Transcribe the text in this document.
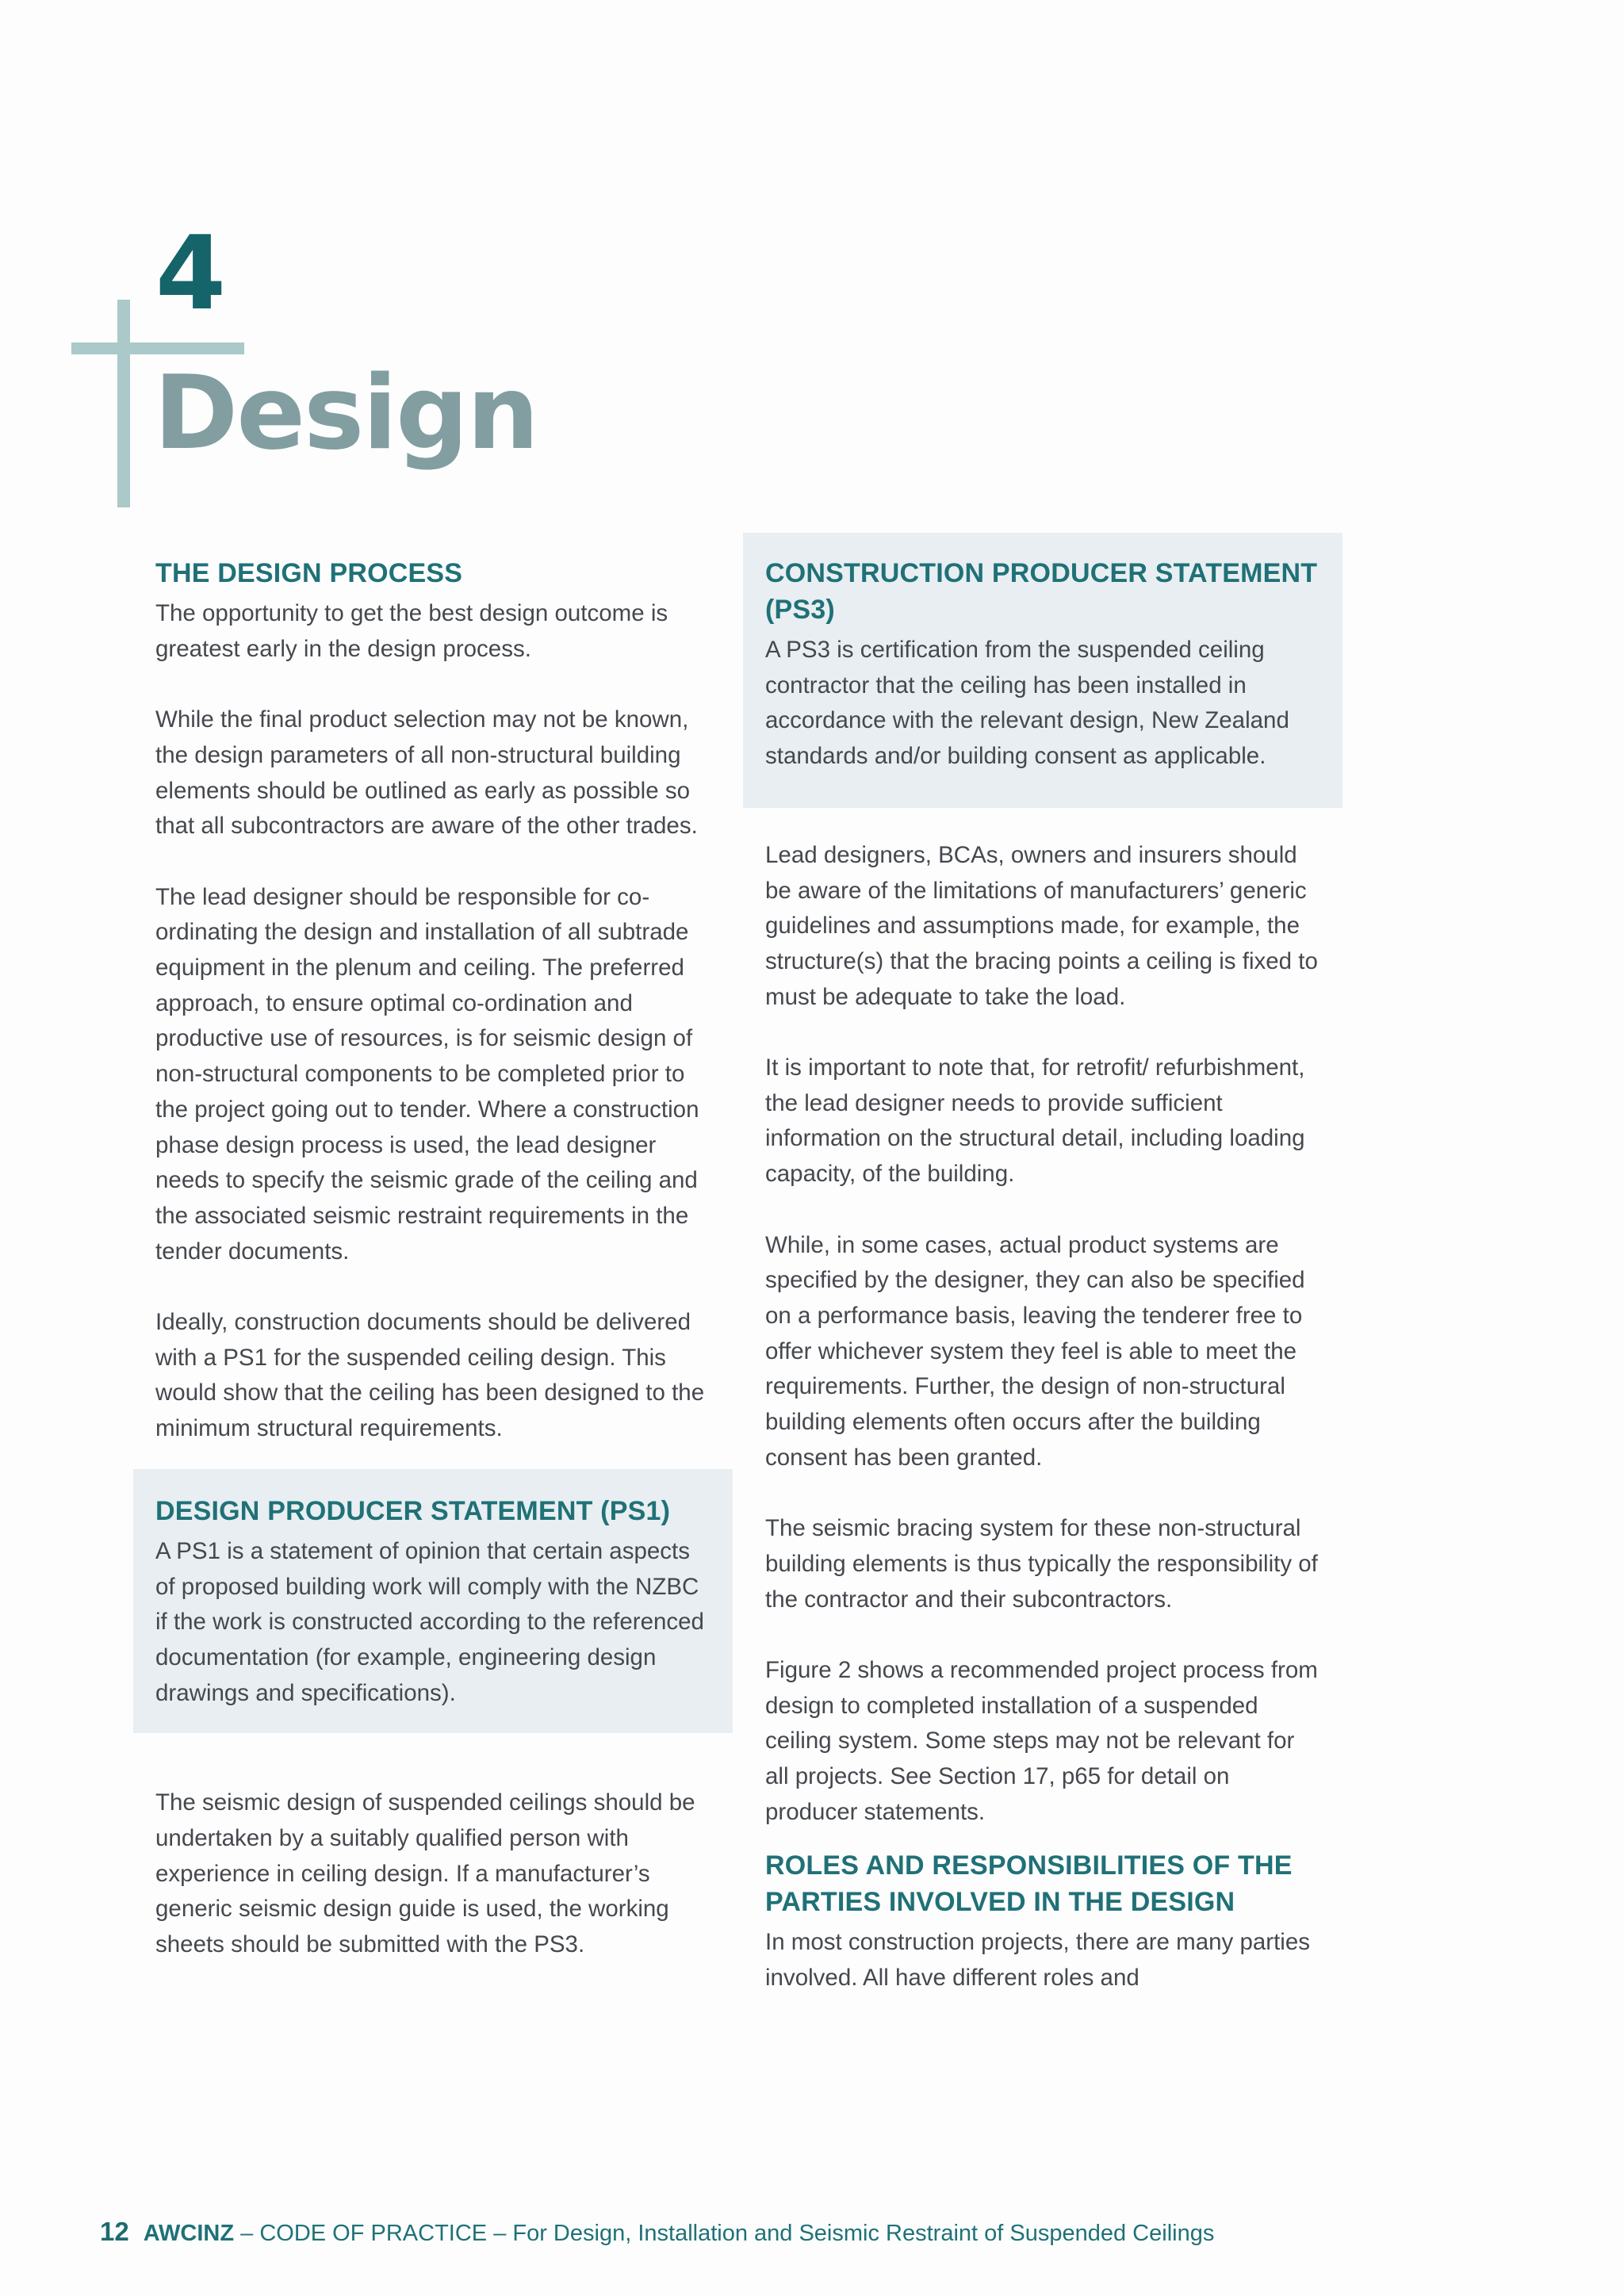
4
Design
THE DESIGN PROCESS

The opportunity to get the best design outcome is greatest early in the design process.

While the final product selection may not be known, the design parameters of all non-structural building elements should be outlined as early as possible so that all subcontractors are aware of the other trades.

The lead designer should be responsible for co-ordinating the design and installation of all subtrade equipment in the plenum and ceiling. The preferred approach, to ensure optimal co-ordination and productive use of resources, is for seismic design of non-structural components to be completed prior to the project going out to tender. Where a construction phase design process is used, the lead designer needs to specify the seismic grade of the ceiling and the associated seismic restraint requirements in the tender documents.

Ideally, construction documents should be delivered with a PS1 for the suspended ceiling design. This would show that the ceiling has been designed to the minimum structural requirements.

DESIGN PRODUCER STATEMENT (PS1)

A PS1 is a statement of opinion that certain aspects of proposed building work will comply with the NZBC if the work is constructed according to the referenced documentation (for example, engineering design drawings and specifications).

The seismic design of suspended ceilings should be undertaken by a suitably qualified person with experience in ceiling design. If a manufacturer’s generic seismic design guide is used, the working sheets should be submitted with the PS3.

CONSTRUCTION PRODUCER STATEMENT (PS3)

A PS3 is certification from the suspended ceiling contractor that the ceiling has been installed in accordance with the relevant design, New Zealand standards and/or building consent as applicable.

Lead designers, BCAs, owners and insurers should be aware of the limitations of manufacturers’ generic guidelines and assumptions made, for example, the structure(s) that the bracing points a ceiling is fixed to must be adequate to take the load.

It is important to note that, for retrofit/ refurbishment, the lead designer needs to provide sufficient information on the structural detail, including loading capacity, of the building.

While, in some cases, actual product systems are specified by the designer, they can also be specified on a performance basis, leaving the tenderer free to offer whichever system they feel is able to meet the requirements. Further, the design of non-structural building elements often occurs after the building consent has been granted.

The seismic bracing system for these non-structural building elements is thus typically the responsibility of the contractor and their subcontractors.

Figure 2 shows a recommended project process from design to completed installation of a suspended ceiling system. Some steps may not be relevant for all projects. See Section 17, p65 for detail on producer statements.

ROLES AND RESPONSIBILITIES OF THE PARTIES INVOLVED IN THE DESIGN

In most construction projects, there are many parties involved. All have different roles and

12 AWCINZ – CODE OF PRACTICE – For Design, Installation and Seismic Restraint of Suspended Ceilings
